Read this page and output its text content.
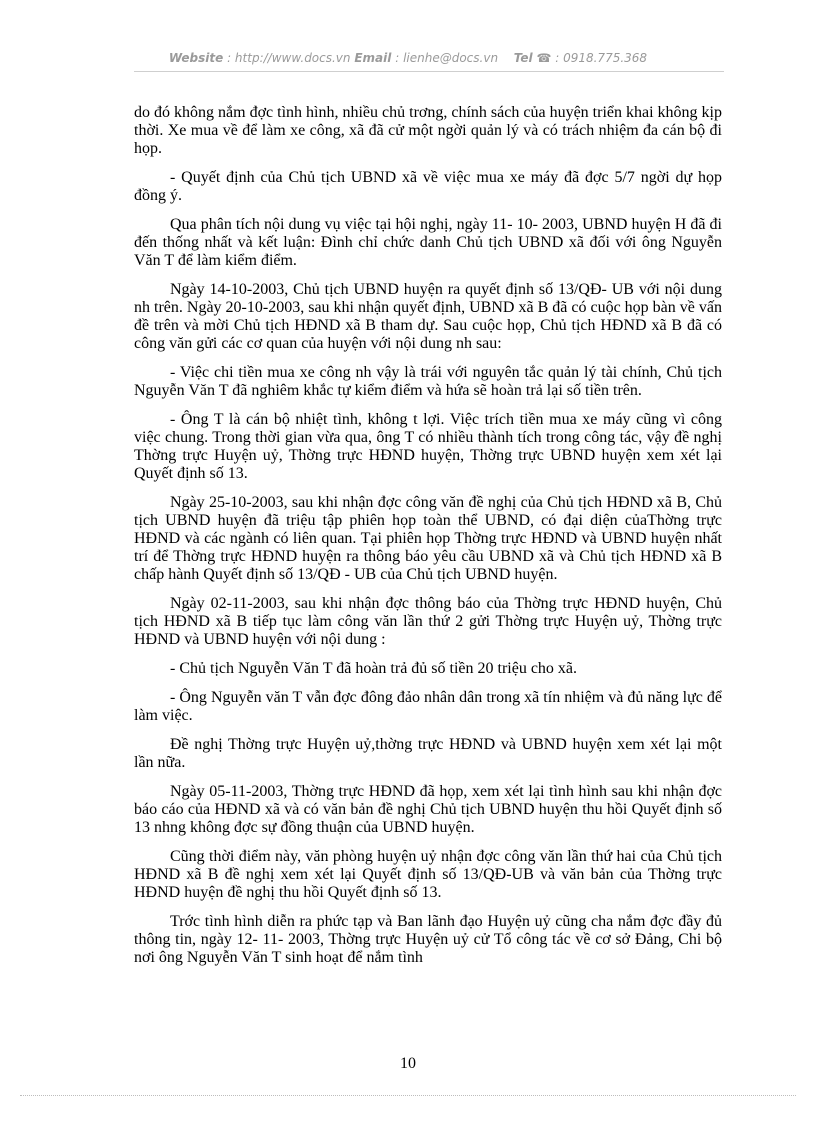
Website : http://www.docs.vn Email : lienhe@docs.vn Tel ☎ : 0918.775.368

do đó không nắm đợc tình hình, nhiều chủ trơng, chính sách của huyện triển khai không kịp thời. Xe mua về để làm xe công, xã đã cử một ngời quản lý và có trách nhiệm đa cán bộ đi họp.

- Quyết định của Chủ tịch UBND xã về việc mua xe máy đã đợc 5/7 ngời dự họp đồng ý.

Qua phân tích nội dung vụ việc tại hội nghị, ngày 11- 10- 2003, UBND huyện H đã đi đến thống nhất và kết luận: Đình chỉ chức danh Chủ tịch UBND xã đối với ông Nguyễn Văn T để làm kiểm điểm.

Ngày 14-10-2003, Chủ tịch UBND huyện ra quyết định số 13/QĐ- UB với nội dung nh trên. Ngày 20-10-2003, sau khi nhận quyết định, UBND xã B đã có cuộc họp bàn về vấn đề trên và mời Chủ tịch HĐND xã B tham dự. Sau cuộc họp, Chủ tịch HĐND xã B đã có công văn gửi các cơ quan của huyện với nội dung nh sau:

- Việc chi tiền mua xe công nh vậy là trái với nguyên tắc quản lý tài chính, Chủ tịch Nguyễn Văn T đã nghiêm khắc tự kiểm điểm và hứa sẽ hoàn trả lại số tiền trên.

- Ông T là cán bộ nhiệt tình, không t lợi. Việc trích tiền mua xe máy cũng vì công việc chung. Trong thời gian vừa qua, ông T có nhiều thành tích trong công tác, vậy đề nghị Thờng trực Huyện uỷ, Thờng trực HĐND huyện, Thờng trực UBND huyện xem xét lại Quyết định số 13.

Ngày 25-10-2003, sau khi nhận đợc công văn đề nghị của Chủ tịch HĐND xã B, Chủ tịch UBND huyện đã triệu tập phiên họp toàn thể UBND, có đại diện củaThờng trực HĐND và các ngành có liên quan. Tại phiên họp Thờng trực HĐND và UBND huyện nhất trí để Thờng trực HĐND huyện ra thông báo yêu cầu UBND xã và Chủ tịch HĐND xã B chấp hành Quyết định số 13/QĐ - UB của Chủ tịch UBND huyện.

Ngày 02-11-2003, sau khi nhận đợc thông báo của Thờng trực HĐND huyện, Chủ tịch HĐND xã B tiếp tục làm công văn lần thứ 2 gửi Thờng trực Huyện uỷ, Thờng trực HĐND và UBND huyện với nội dung :

- Chủ tịch Nguyễn Văn T đã hoàn trả đủ số tiền 20 triệu cho xã.

- Ông Nguyễn văn T vẫn đợc đông đảo nhân dân trong xã tín nhiệm và đủ năng lực để làm việc.

Đề nghị Thờng trực Huyện uỷ,thờng trực HĐND và UBND huyện xem xét lại một lần nữa.

Ngày 05-11-2003, Thờng trực HĐND đã họp, xem xét lại tình hình sau khi nhận đợc báo cáo của HĐND xã và có văn bản đề nghị Chủ tịch UBND huyện thu hồi Quyết định số 13 nhng không đợc sự đồng thuận của UBND huyện.

Cũng thời điểm này, văn phòng huyện uỷ nhận đợc công văn lần thứ hai của Chủ tịch HĐND xã B đề nghị xem xét lại Quyết định số 13/QĐ-UB và văn bản của Thờng trực HĐND huyện đề nghị thu hồi Quyết định số 13.

Trớc tình hình diễn ra phức tạp và Ban lãnh đạo Huyện uỷ cũng cha nắm đợc đầy đủ thông tin, ngày 12- 11- 2003, Thờng trực Huyện uỷ cử Tổ công tác về cơ sở Đảng, Chi bộ nơi ông Nguyễn Văn T sinh hoạt để nắm tình

10
